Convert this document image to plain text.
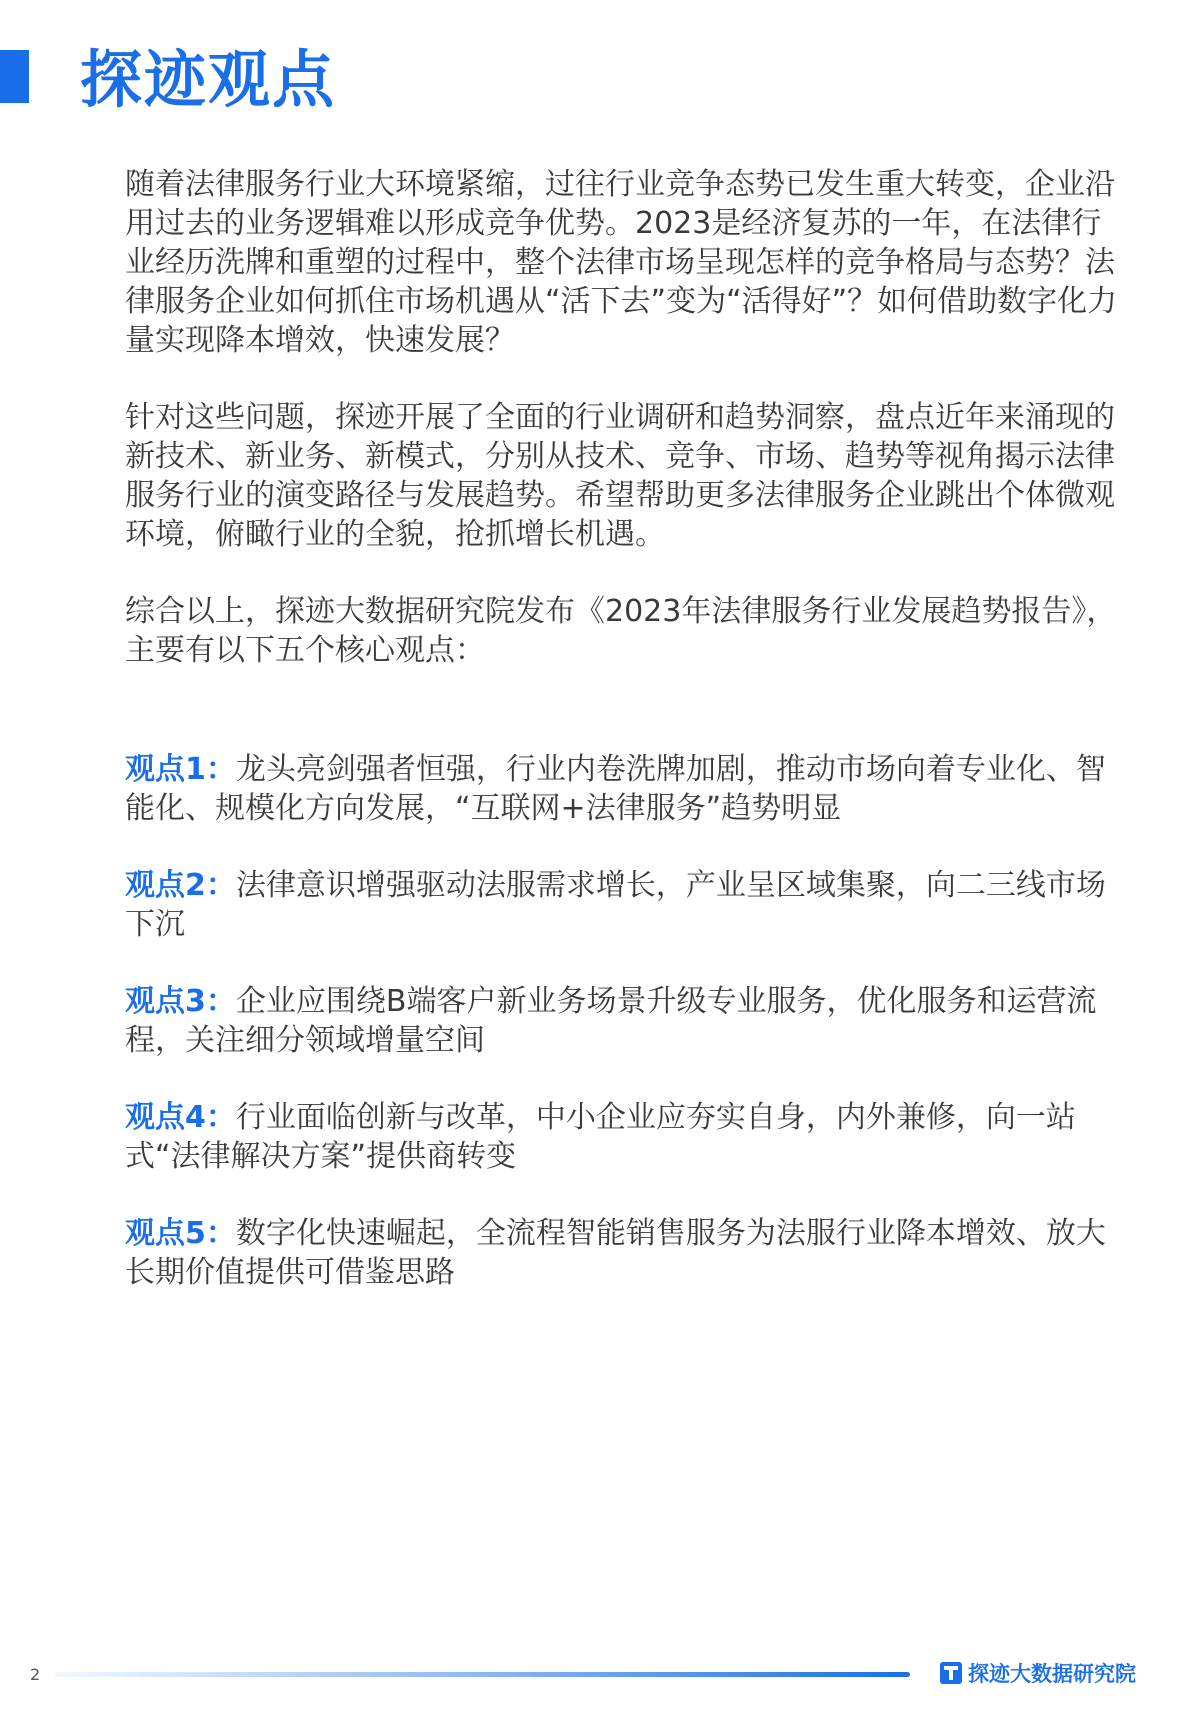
探迹观点

随着法律服务行业大环境紧缩，过往行业竞争态势已发生重大转变，企业沿用过去的业务逻辑难以形成竞争优势。2023是经济复苏的一年，在法律行业经历洗牌和重塑的过程中，整个法律市场呈现怎样的竞争格局与态势？法律服务企业如何抓住市场机遇从“活下去”变为“活得好”？如何借助数字化力量实现降本增效，快速发展？

针对这些问题，探迹开展了全面的行业调研和趋势洞察，盘点近年来涌现的新技术、新业务、新模式，分别从技术、竞争、市场、趋势等视角揭示法律服务行业的演变路径与发展趋势。希望帮助更多法律服务企业跳出个体微观环境，俯瞰行业的全貌，抢抓增长机遇。

综合以上，探迹大数据研究院发布《2023年法律服务行业发展趋势报告》，主要有以下五个核心观点：

观点1：龙头亮剑强者恒强，行业内卷洗牌加剧，推动市场向着专业化、智能化、规模化方向发展，“互联网+法律服务”趋势明显

观点2：法律意识增强驱动法服需求增长，产业呈区域集聚，向二三线市场下沉

观点3：企业应围绕B端客户新业务场景升级专业服务，优化服务和运营流程，关注细分领域增量空间

观点4：行业面临创新与改革，中小企业应夯实自身，内外兼修，向一站式“法律解决方案”提供商转变

观点5：数字化快速崛起，全流程智能销售服务为法服行业降本增效、放大长期价值提供可借鉴思路

2	探迹大数据研究院
